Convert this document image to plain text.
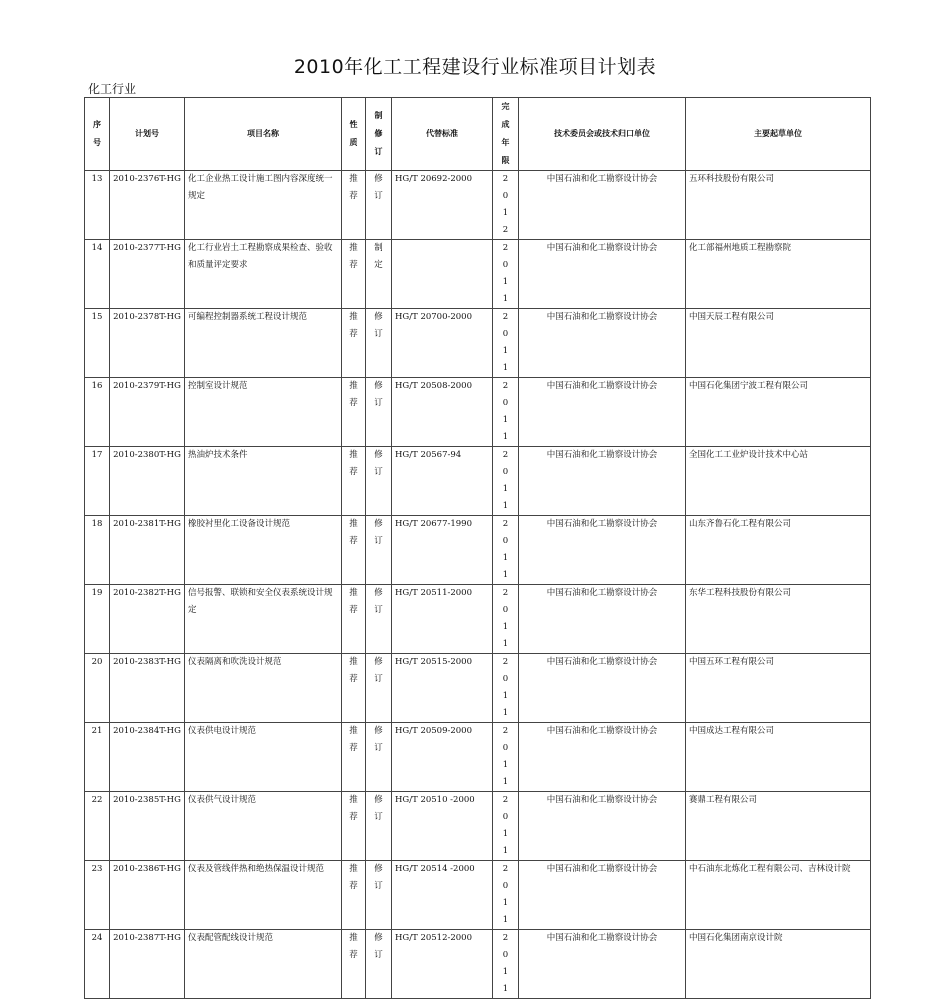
2010年化工工程建设行业标准项目计划表
化工行业
序号	计划号	项目名称	性质	制修订	代替标准	完成年限	技术委员会或技术归口单位	主要起草单位
13	2010-2376T-HG	化工企业热工设计施工图内容深度统一规定	推荐	修订	HG/T 20692-2000	2012	中国石油和化工勘察设计协会	五环科技股份有限公司
14	2010-2377T-HG	化工行业岩土工程勘察成果检查、验收和质量评定要求	推荐	制定		2011	中国石油和化工勘察设计协会	化工部福州地质工程勘察院
15	2010-2378T-HG	可编程控制器系统工程设计规范	推荐	修订	HG/T 20700-2000	2011	中国石油和化工勘察设计协会	中国天辰工程有限公司
16	2010-2379T-HG	控制室设计规范	推荐	修订	HG/T 20508-2000	2011	中国石油和化工勘察设计协会	中国石化集团宁波工程有限公司
17	2010-2380T-HG	热油炉技术条件	推荐	修订	HG/T 20567-94	2011	中国石油和化工勘察设计协会	全国化工工业炉设计技术中心站
18	2010-2381T-HG	橡胶衬里化工设备设计规范	推荐	修订	HG/T 20677-1990	2011	中国石油和化工勘察设计协会	山东齐鲁石化工程有限公司
19	2010-2382T-HG	信号报警、联锁和安全仪表系统设计规定	推荐	修订	HG/T 20511-2000	2011	中国石油和化工勘察设计协会	东华工程科技股份有限公司
20	2010-2383T-HG	仪表隔离和吹洗设计规范	推荐	修订	HG/T 20515-2000	2011	中国石油和化工勘察设计协会	中国五环工程有限公司
21	2010-2384T-HG	仪表供电设计规范	推荐	修订	HG/T 20509-2000	2011	中国石油和化工勘察设计协会	中国成达工程有限公司
22	2010-2385T-HG	仪表供气设计规范	推荐	修订	HG/T 20510 -2000	2011	中国石油和化工勘察设计协会	赛鼎工程有限公司
23	2010-2386T-HG	仪表及管线伴热和绝热保温设计规范	推荐	修订	HG/T 20514 -2000	2011	中国石油和化工勘察设计协会	中石油东北炼化工程有限公司、吉林设计院
24	2010-2387T-HG	仪表配管配线设计规范	推荐	修订	HG/T 20512-2000	2011	中国石油和化工勘察设计协会	中国石化集团南京设计院
